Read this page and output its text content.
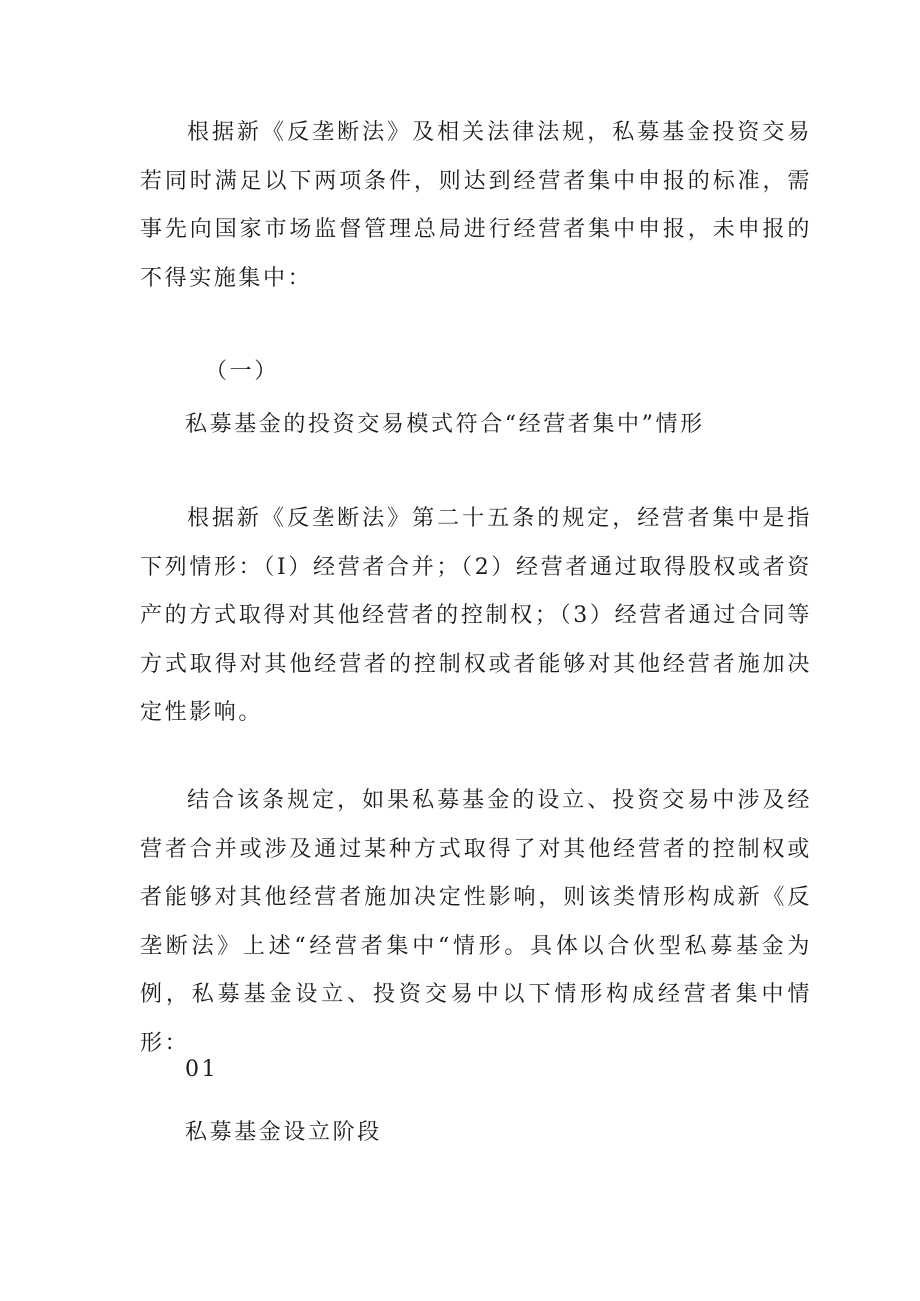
根据新《反垄断法》及相关法律法规，私募基金投资交易若同时满足以下两项条件，则达到经营者集中申报的标准，需事先向国家市场监督管理总局进行经营者集中申报，未申报的不得实施集中：

（一）

私募基金的投资交易模式符合“经营者集中”情形

根据新《反垄断法》第二十五条的规定，经营者集中是指下列情形：（I）经营者合并；（2）经营者通过取得股权或者资产的方式取得对其他经营者的控制权；（3）经营者通过合同等方式取得对其他经营者的控制权或者能够对其他经营者施加决定性影响。

结合该条规定，如果私募基金的设立、投资交易中涉及经营者合并或涉及通过某种方式取得了对其他经营者的控制权或者能够对其他经营者施加决定性影响，则该类情形构成新《反垄断法》上述“经营者集中“情形。具体以合伙型私募基金为例，私募基金设立、投资交易中以下情形构成经营者集中情形：

01

私募基金设立阶段
